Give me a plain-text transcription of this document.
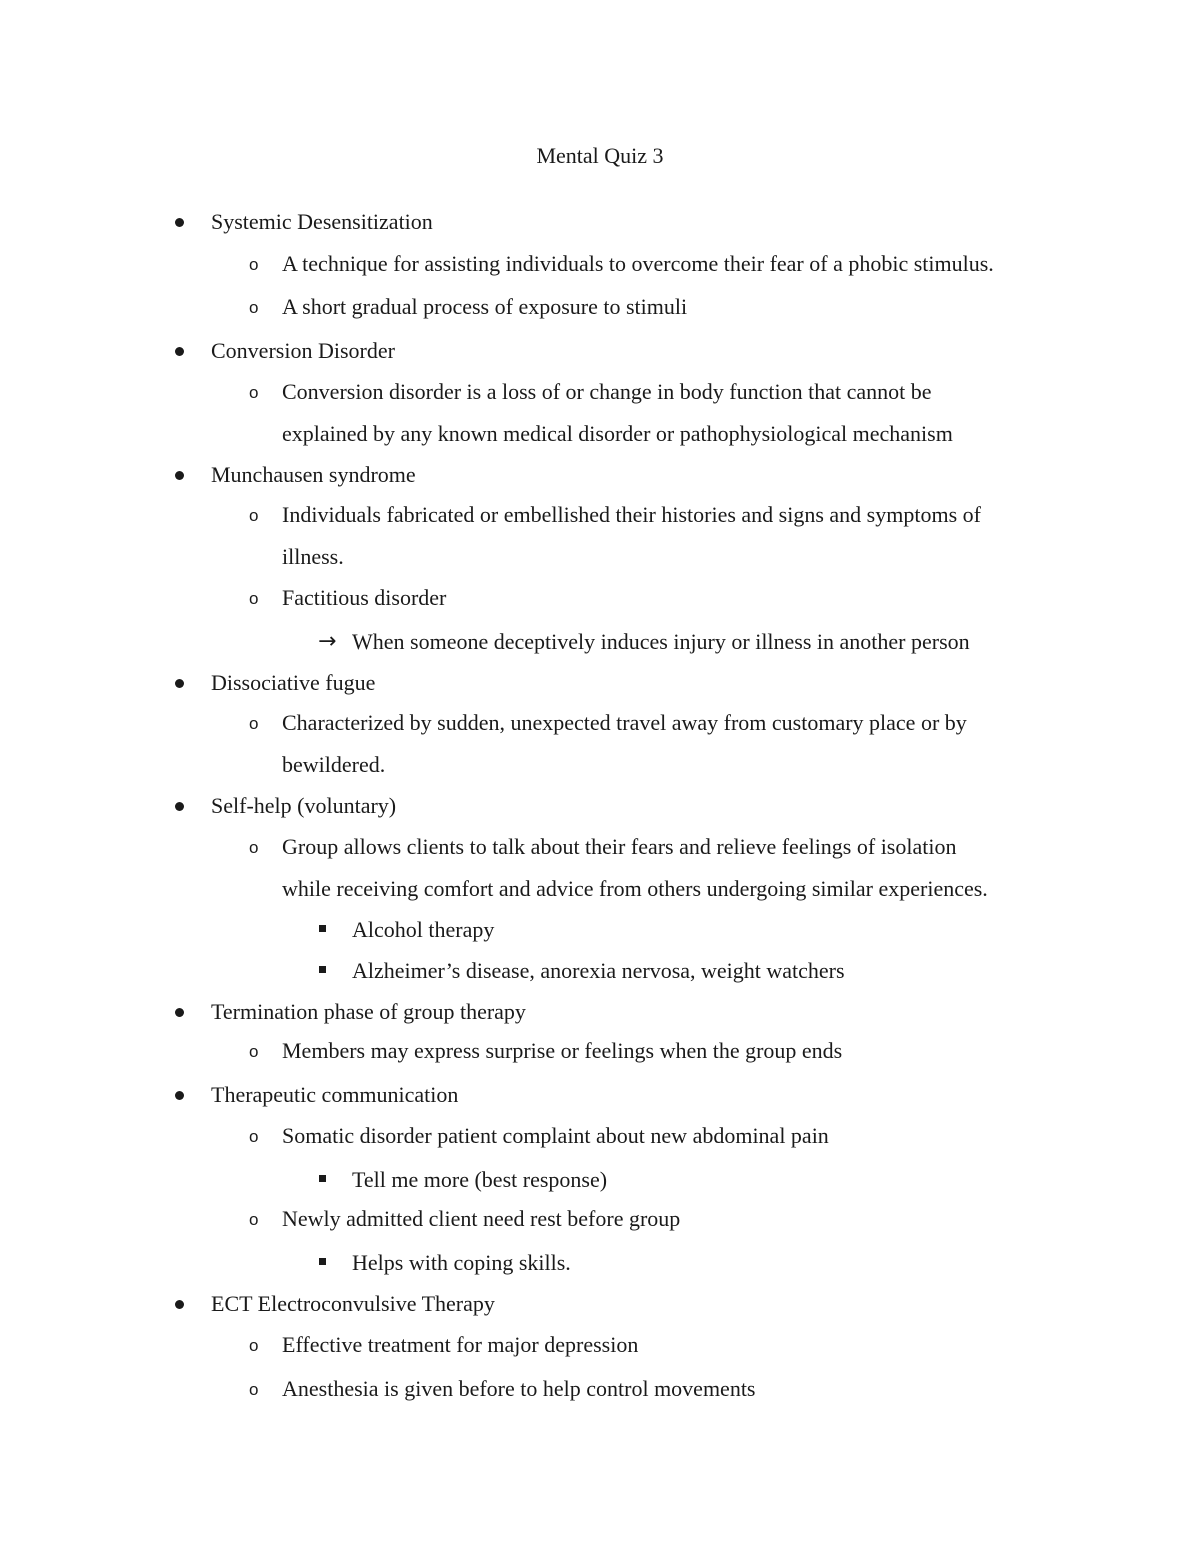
Mental Quiz 3
Systemic Desensitization
o A technique for assisting individuals to overcome their fear of a phobic stimulus.
o A short gradual process of exposure to stimuli
Conversion Disorder
o Conversion disorder is a loss of or change in body function that cannot be
explained by any known medical disorder or pathophysiological mechanism
Munchausen syndrome
o Individuals fabricated or embellished their histories and signs and symptoms of
illness.
o Factitious disorder
→ When someone deceptively induces injury or illness in another person
Dissociative fugue
o Characterized by sudden, unexpected travel away from customary place or by
bewildered.
Self-help (voluntary)
o Group allows clients to talk about their fears and relieve feelings of isolation
while receiving comfort and advice from others undergoing similar experiences.
Alcohol therapy
Alzheimer’s disease, anorexia nervosa, weight watchers
Termination phase of group therapy
o Members may express surprise or feelings when the group ends
Therapeutic communication
o Somatic disorder patient complaint about new abdominal pain
Tell me more (best response)
o Newly admitted client need rest before group
Helps with coping skills.
ECT Electroconvulsive Therapy
o Effective treatment for major depression
o Anesthesia is given before to help control movements
